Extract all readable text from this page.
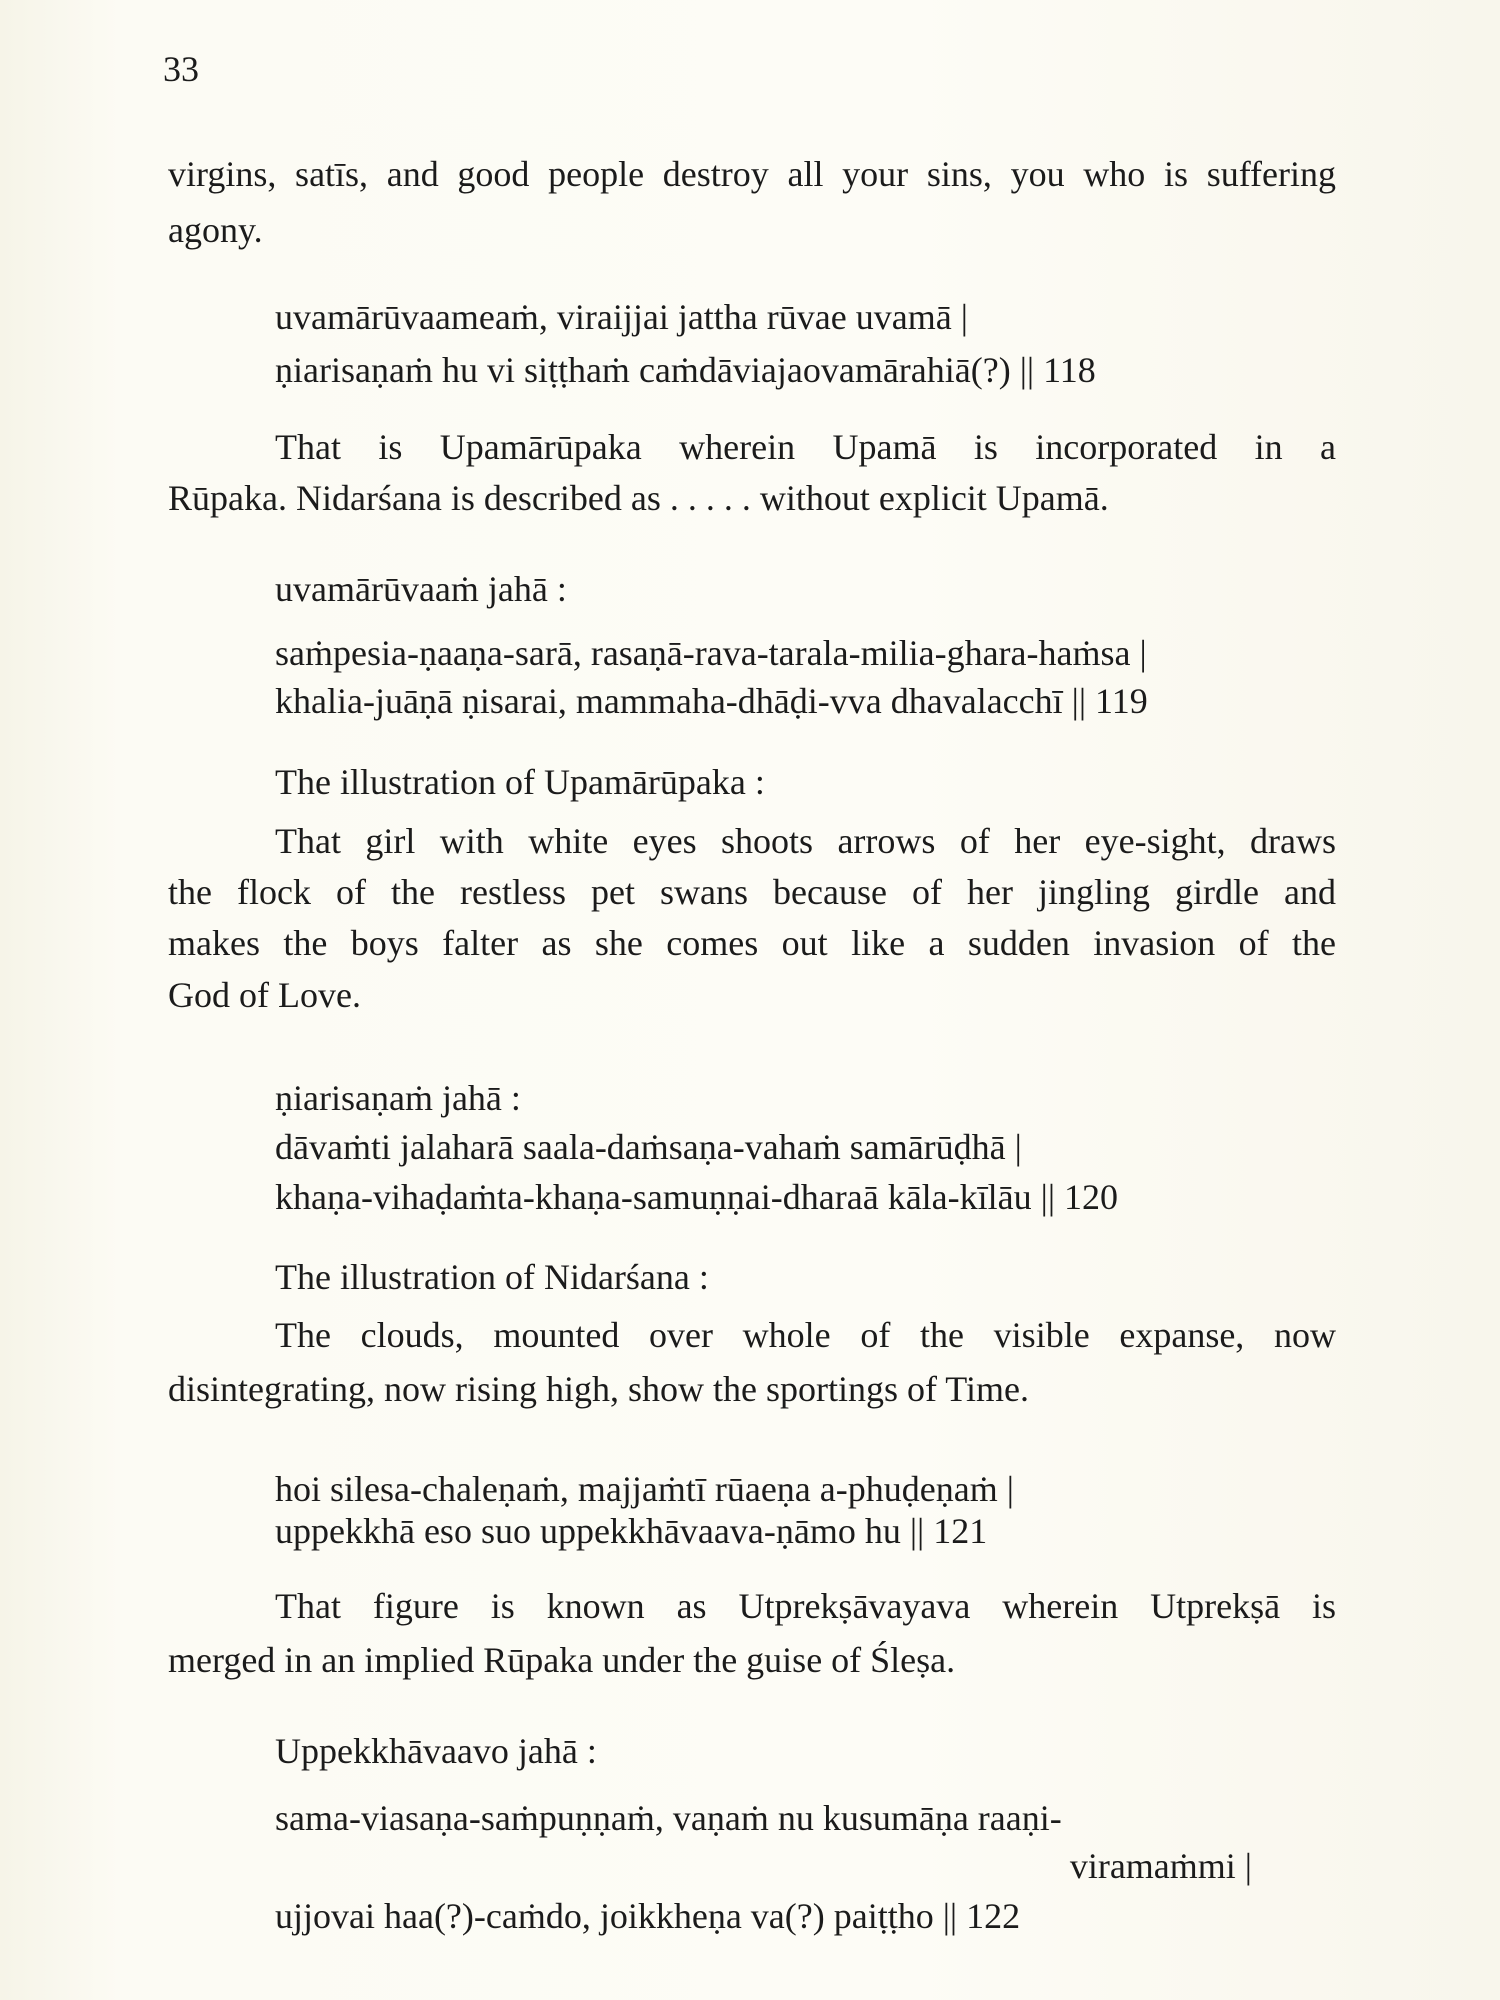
33
virgins, satīs, and good people destroy all your sins, you who is suffering
agony.
uvamārūvaameaṁ, viraijjai jattha rūvae uvamā |
ṇiarisaṇaṁ hu vi siṭṭhaṁ caṁdāviajaovamārahiā(?) || 118
That is Upamārūpaka wherein Upamā is incorporated in a
Rūpaka. Nidarśana is described as . . . . . without explicit Upamā.
uvamārūvaaṁ jahā :
saṁpesia-ṇaaṇa-sarā, rasaṇā-rava-tarala-milia-ghara-haṁsa |
khalia-juāṇā ṇisarai, mammaha-dhāḍi-vva dhavalacchī || 119
The illustration of Upamārūpaka :
That girl with white eyes shoots arrows of her eye-sight, draws
the flock of the restless pet swans because of her jingling girdle and
makes the boys falter as she comes out like a sudden invasion of the
God of Love.
ṇiarisaṇaṁ jahā :
dāvaṁti jalaharā saala-daṁsaṇa-vahaṁ samārūḍhā |
khaṇa-vihaḍaṁta-khaṇa-samuṇṇai-dharaā kāla-kīlāu || 120
The illustration of Nidarśana :
The clouds, mounted over whole of the visible expanse, now
disintegrating, now rising high, show the sportings of Time.
hoi silesa-chaleṇaṁ, majjaṁtī rūaeṇa a-phuḍeṇaṁ |
uppekkhā eso suo uppekkhāvaava-ṇāmo hu || 121
That figure is known as Utprekṣāvayava wherein Utprekṣā is
merged in an implied Rūpaka under the guise of Śleṣa.
Uppekkhāvaavo jahā :
sama-viasaṇa-saṁpuṇṇaṁ, vaṇaṁ nu kusumāṇa raaṇi-
viramaṁmi |
ujjovai haa(?)-caṁdo, joikkheṇa va(?) paiṭṭho || 122
